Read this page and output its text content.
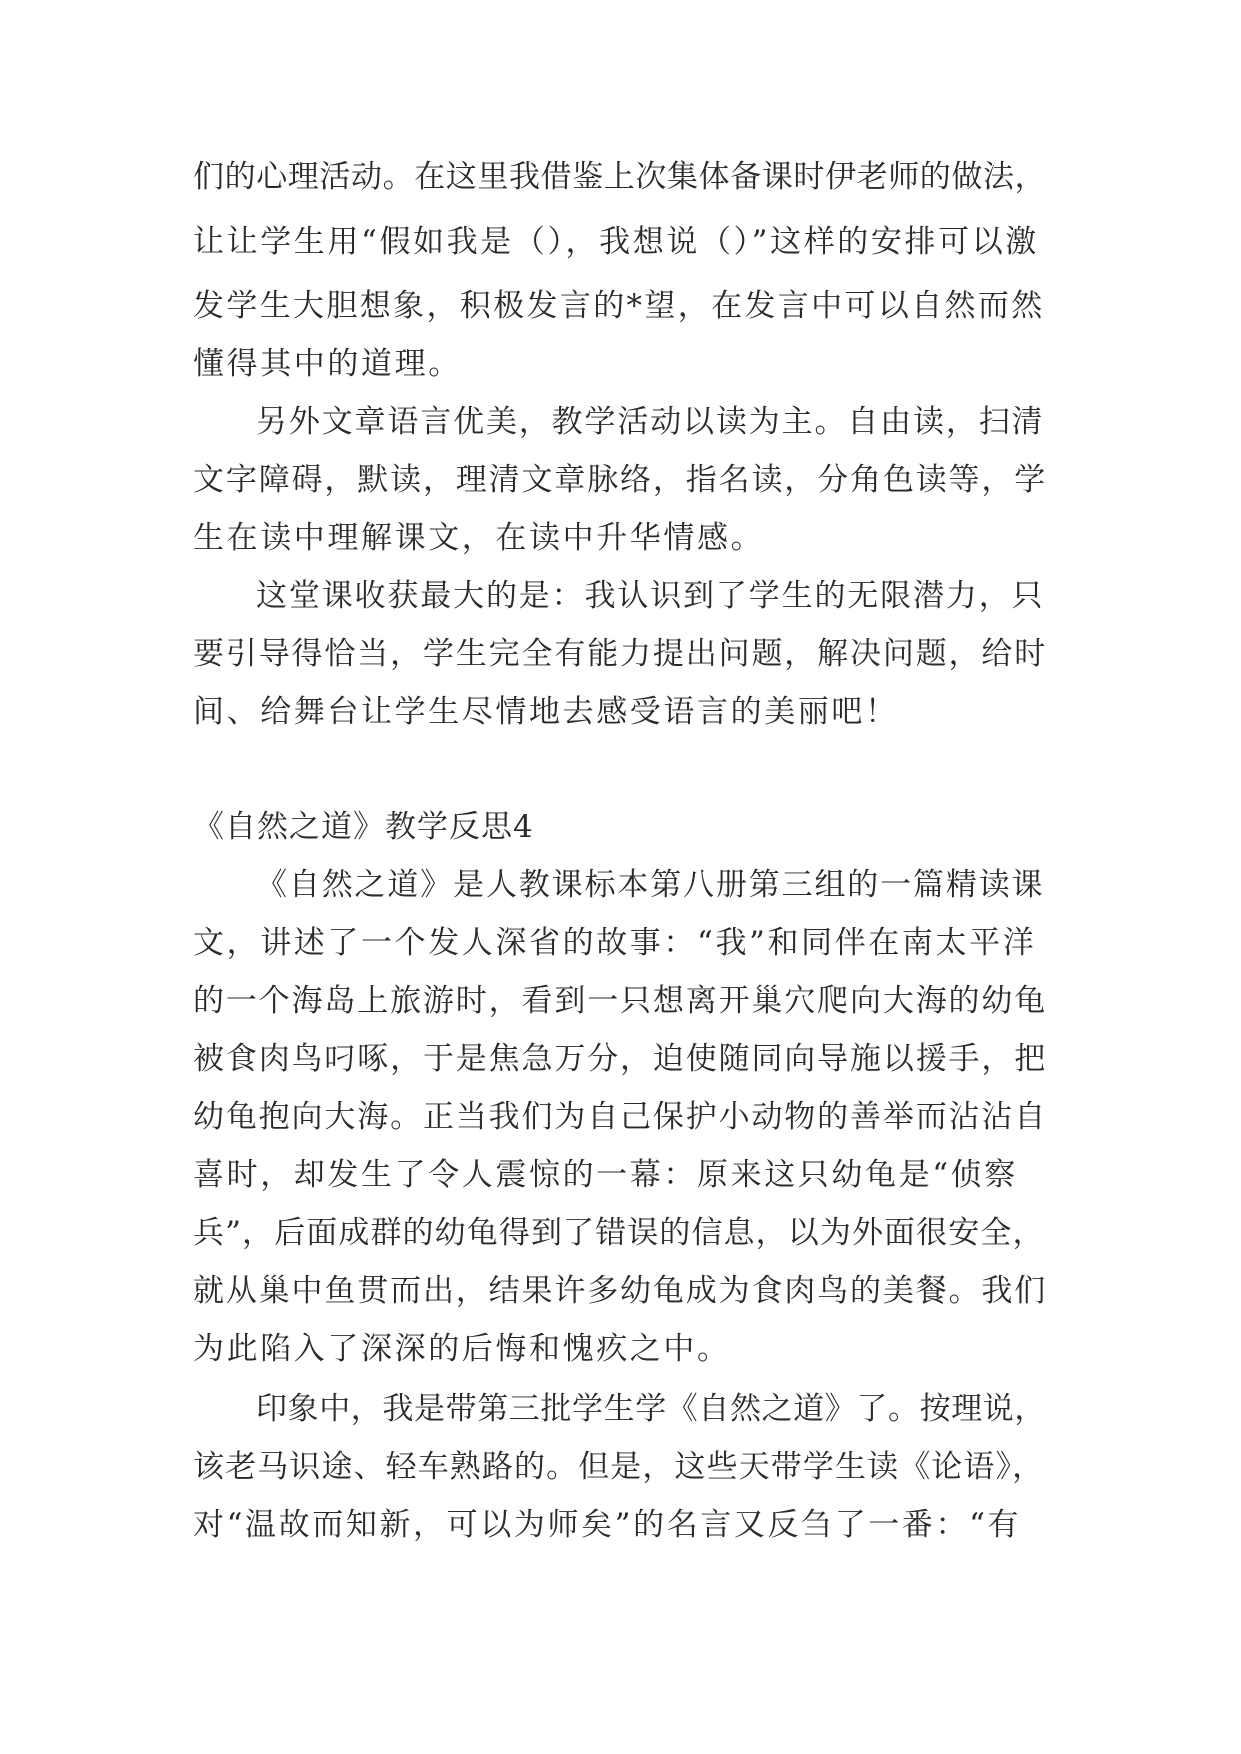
们的心理活动。在这里我借鉴上次集体备课时伊老师的做法，
让让学生用“假如我是（），我想说（）”这样的安排可以激
发学生大胆想象，积极发言的*望，在发言中可以自然而然
懂得其中的道理。
另外文章语言优美，教学活动以读为主。自由读，扫清
文字障碍，默读，理清文章脉络，指名读，分角色读等，学
生在读中理解课文，在读中升华情感。
这堂课收获最大的是：我认识到了学生的无限潜力，只
要引导得恰当，学生完全有能力提出问题，解决问题，给时
间、给舞台让学生尽情地去感受语言的美丽吧！
《自然之道》教学反思4
《自然之道》是人教课标本第八册第三组的一篇精读课
文，讲述了一个发人深省的故事：“我”和同伴在南太平洋
的一个海岛上旅游时，看到一只想离开巢穴爬向大海的幼龟
被食肉鸟叼啄，于是焦急万分，迫使随同向导施以援手，把
幼龟抱向大海。正当我们为自己保护小动物的善举而沾沾自
喜时，却发生了令人震惊的一幕：原来这只幼龟是“侦察
兵”，后面成群的幼龟得到了错误的信息，以为外面很安全，
就从巢中鱼贯而出，结果许多幼龟成为食肉鸟的美餐。我们
为此陷入了深深的后悔和愧疚之中。
印象中，我是带第三批学生学《自然之道》了。按理说，
该老马识途、轻车熟路的。但是，这些天带学生读《论语》，
对“温故而知新，可以为师矣”的名言又反刍了一番：“有
